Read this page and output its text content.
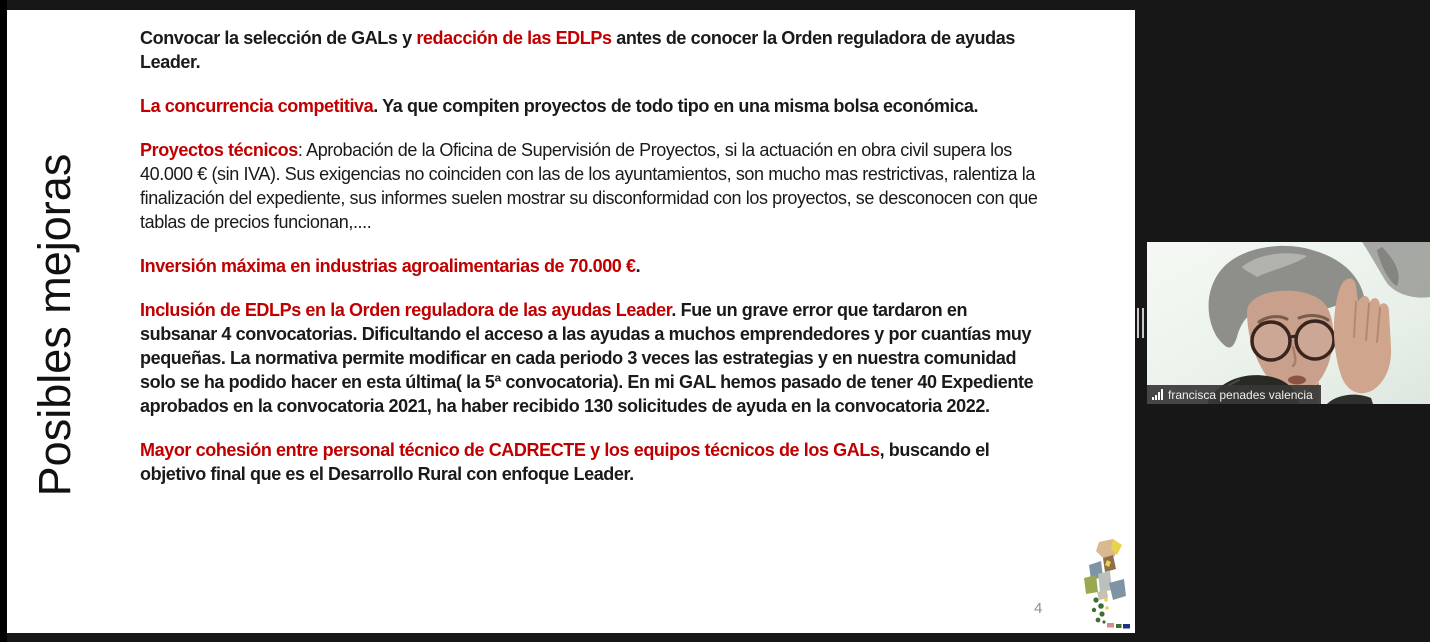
Posibles mejoras

Convocar la selección de GALs y redacción de las EDLPs antes de conocer la Orden reguladora de ayudas Leader.

La concurrencia competitiva. Ya que compiten proyectos de todo tipo en una misma bolsa económica.

Proyectos técnicos: Aprobación de la Oficina de Supervisión de Proyectos, si la actuación en obra civil supera los 40.000 € (sin IVA). Sus exigencias no coinciden con las de los ayuntamientos, son mucho mas restrictivas, ralentiza la finalización del expediente, sus informes suelen mostrar su disconformidad con los proyectos, se desconocen con que tablas de precios funcionan,....

Inversión máxima en industrias agroalimentarias de 70.000 €.

Inclusión de EDLPs en la Orden reguladora de las ayudas Leader. Fue un grave error que tardaron en subsanar 4 convocatorias. Dificultando el acceso a las ayudas a muchos emprendedores y por cuantías muy pequeñas. La normativa permite modificar en cada periodo 3 veces las estrategias y en nuestra comunidad solo se ha podido hacer en esta última( la 5ª convocatoria). En mi GAL hemos pasado de tener 40 Expediente aprobados en la convocatoria 2021, ha haber recibido 130 solicitudes de ayuda en la convocatoria 2022.

Mayor cohesión entre personal técnico de CADRECTE y los equipos técnicos de los GALs, buscando el objetivo final que es el Desarrollo Rural con enfoque Leader.

4
francisca penades valencia
